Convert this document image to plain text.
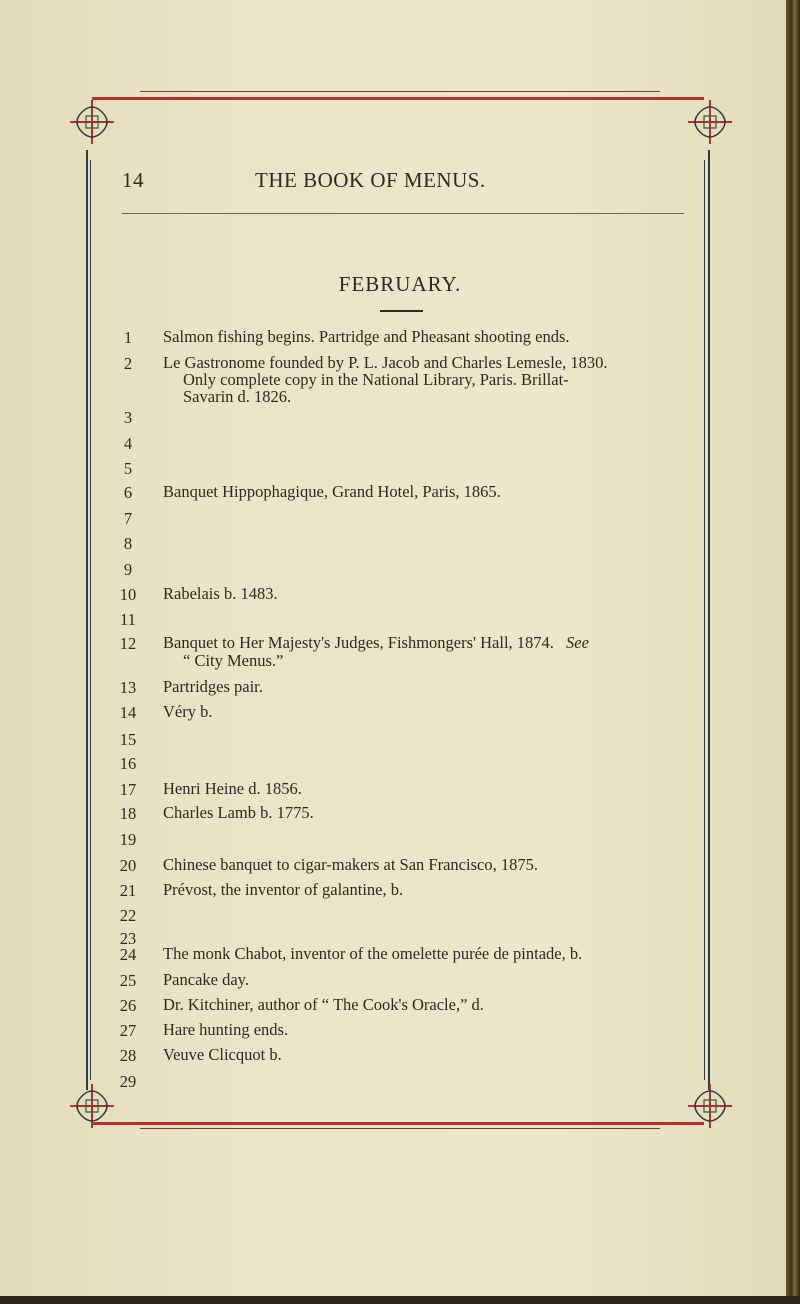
14	THE BOOK OF MENUS.
FEBRUARY.
1	Salmon fishing begins. Partridge and Pheasant shooting ends.
2	Le Gastronome founded by P. L. Jacob and Charles Lemesle, 1830.
Only complete copy in the National Library, Paris. Brillat-
Savarin d. 1826.
3
4
5
6	Banquet Hippophagique, Grand Hotel, Paris, 1865.
7
8
9
10	Rabelais b. 1483.
11
12	Banquet to Her Majesty's Judges, Fishmongers' Hall, 1874. See
“ City Menus.”
13	Partridges pair.
14	Véry b.
15
16
17	Henri Heine d. 1856.
18	Charles Lamb b. 1775.
19
20	Chinese banquet to cigar-makers at San Francisco, 1875.
21	Prévost, the inventor of galantine, b.
22
23
24	The monk Chabot, inventor of the omelette purée de pintade, b.
25	Pancake day.
26	Dr. Kitchiner, author of “ The Cook's Oracle,” d.
27	Hare hunting ends.
28	Veuve Clicquot b.
29
